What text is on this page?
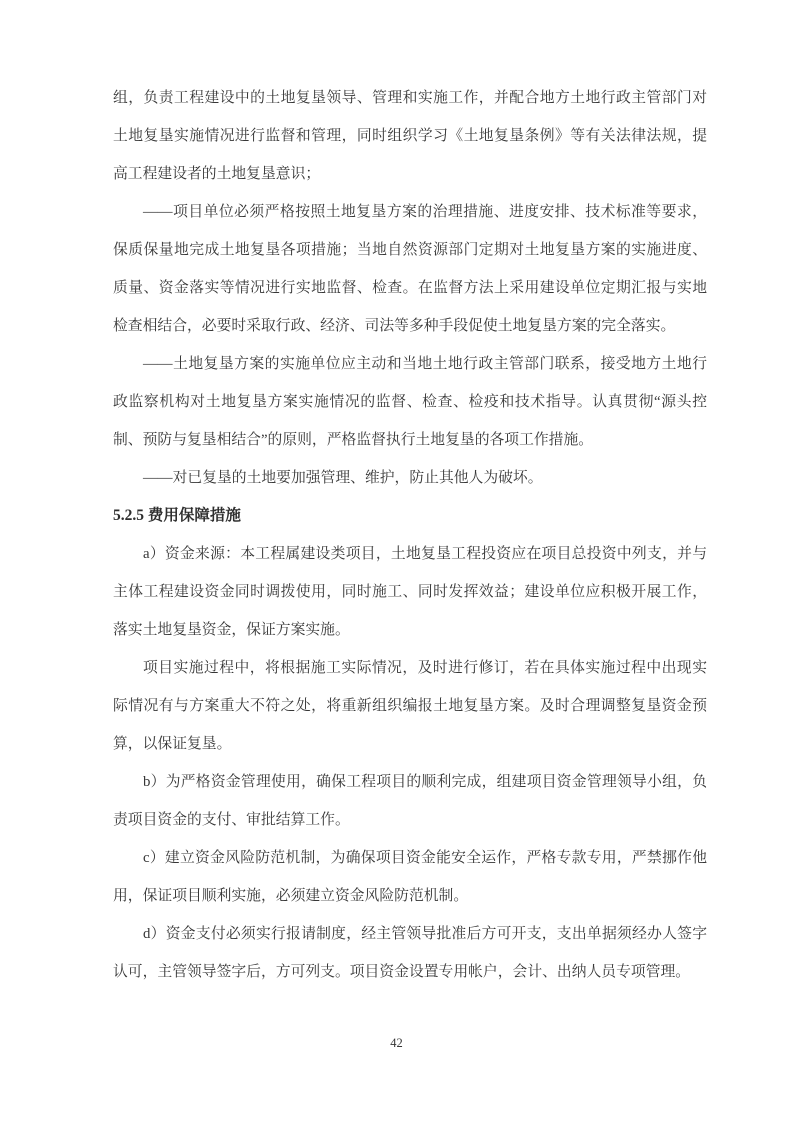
组，负责工程建设中的土地复垦领导、管理和实施工作，并配合地方土地行政主管部门对
土地复垦实施情况进行监督和管理，同时组织学习《土地复垦条例》等有关法律法规，提
高工程建设者的土地复垦意识；
——项目单位必须严格按照土地复垦方案的治理措施、进度安排、技术标准等要求，
保质保量地完成土地复垦各项措施；当地自然资源部门定期对土地复垦方案的实施进度、
质量、资金落实等情况进行实地监督、检查。在监督方法上采用建设单位定期汇报与实地
检查相结合，必要时采取行政、经济、司法等多种手段促使土地复垦方案的完全落实。
——土地复垦方案的实施单位应主动和当地土地行政主管部门联系，接受地方土地行
政监察机构对土地复垦方案实施情况的监督、检查、检疫和技术指导。认真贯彻“源头控
制、预防与复垦相结合”的原则，严格监督执行土地复垦的各项工作措施。
——对已复垦的土地要加强管理、维护，防止其他人为破坏。
5.2.5 费用保障措施
a）资金来源：本工程属建设类项目，土地复垦工程投资应在项目总投资中列支，并与
主体工程建设资金同时调拨使用，同时施工、同时发挥效益；建设单位应积极开展工作，
落实土地复垦资金，保证方案实施。
项目实施过程中，将根据施工实际情况，及时进行修订，若在具体实施过程中出现实
际情况有与方案重大不符之处，将重新组织编报土地复垦方案。及时合理调整复垦资金预
算，以保证复垦。
b）为严格资金管理使用，确保工程项目的顺利完成，组建项目资金管理领导小组，负
责项目资金的支付、审批结算工作。
c）建立资金风险防范机制，为确保项目资金能安全运作，严格专款专用，严禁挪作他
用，保证项目顺利实施，必须建立资金风险防范机制。
d）资金支付必须实行报请制度，经主管领导批准后方可开支，支出单据须经办人签字
认可，主管领导签字后，方可列支。项目资金设置专用帐户，会计、出纳人员专项管理。
42
